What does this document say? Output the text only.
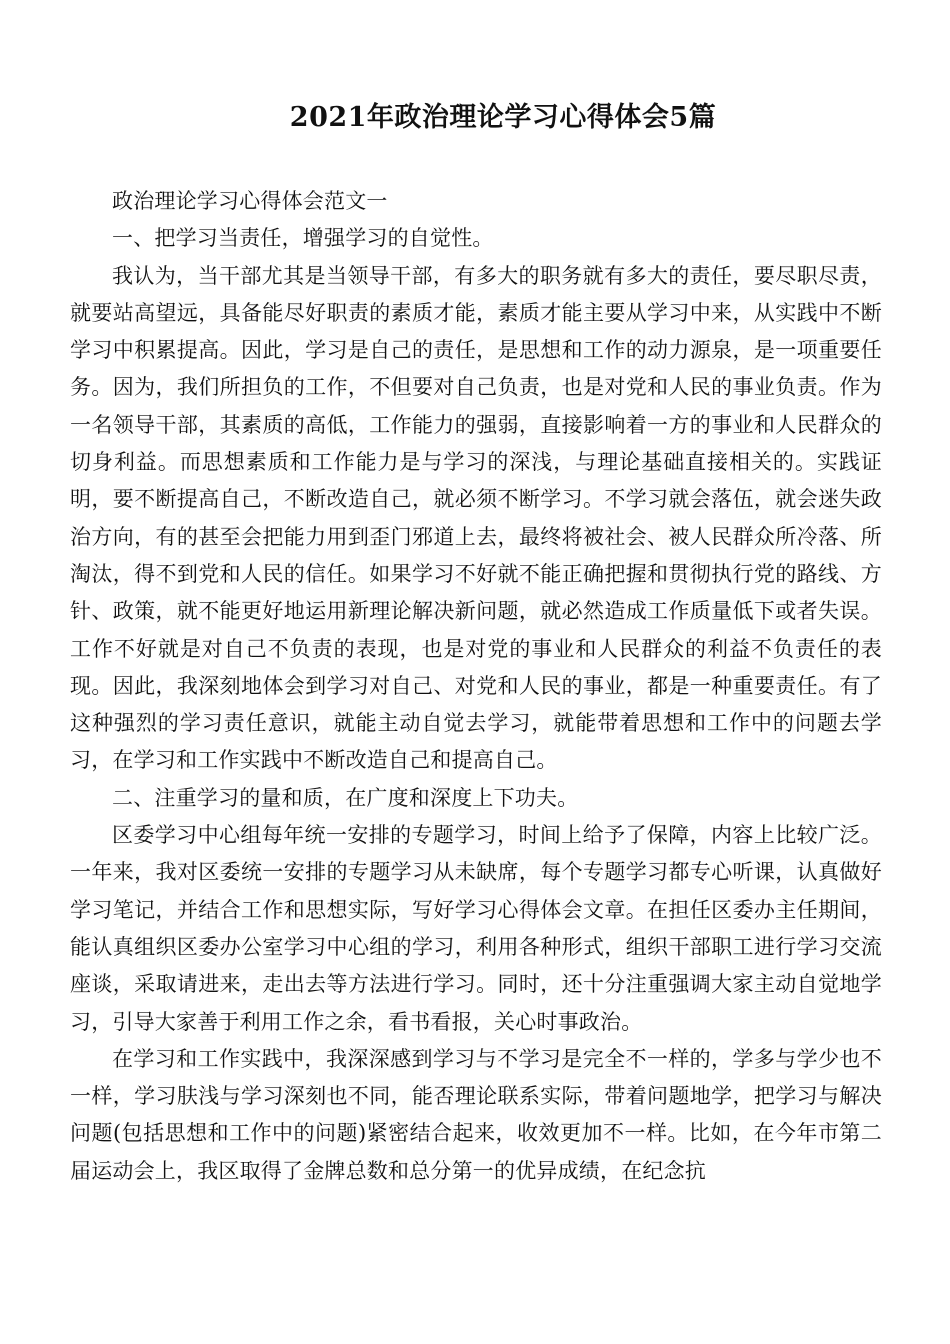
2021年政治理论学习心得体会5篇

政治理论学习心得体会范文一

一、把学习当责任，增强学习的自觉性。

我认为，当干部尤其是当领导干部，有多大的职务就有多大的责任，要尽职尽责，就要站高望远，具备能尽好职责的素质才能，素质才能主要从学习中来，从实践中不断学习中积累提高。因此，学习是自己的责任，是思想和工作的动力源泉，是一项重要任务。因为，我们所担负的工作，不但要对自己负责，也是对党和人民的事业负责。作为一名领导干部，其素质的高低，工作能力的强弱，直接影响着一方的事业和人民群众的切身利益。而思想素质和工作能力是与学习的深浅，与理论基础直接相关的。实践证明，要不断提高自己，不断改造自己，就必须不断学习。不学习就会落伍，就会迷失政治方向，有的甚至会把能力用到歪门邪道上去，最终将被社会、被人民群众所冷落、所淘汰，得不到党和人民的信任。如果学习不好就不能正确把握和贯彻执行党的路线、方针、政策，就不能更好地运用新理论解决新问题，就必然造成工作质量低下或者失误。工作不好就是对自己不负责的表现，也是对党的事业和人民群众的利益不负责任的表现。因此，我深刻地体会到学习对自己、对党和人民的事业，都是一种重要责任。有了这种强烈的学习责任意识，就能主动自觉去学习，就能带着思想和工作中的问题去学习，在学习和工作实践中不断改造自己和提高自己。

二、注重学习的量和质，在广度和深度上下功夫。

区委学习中心组每年统一安排的专题学习，时间上给予了保障，内容上比较广泛。一年来，我对区委统一安排的专题学习从未缺席，每个专题学习都专心听课，认真做好学习笔记，并结合工作和思想实际，写好学习心得体会文章。在担任区委办主任期间，能认真组织区委办公室学习中心组的学习，利用各种形式，组织干部职工进行学习交流座谈，采取请进来，走出去等方法进行学习。同时，还十分注重强调大家主动自觉地学习，引导大家善于利用工作之余，看书看报，关心时事政治。

在学习和工作实践中，我深深感到学习与不学习是完全不一样的，学多与学少也不一样，学习肤浅与学习深刻也不同，能否理论联系实际，带着问题地学，把学习与解决问题(包括思想和工作中的问题)紧密结合起来，收效更加不一样。比如，在今年市第二届运动会上，我区取得了金牌总数和总分第一的优异成绩，在纪念抗
